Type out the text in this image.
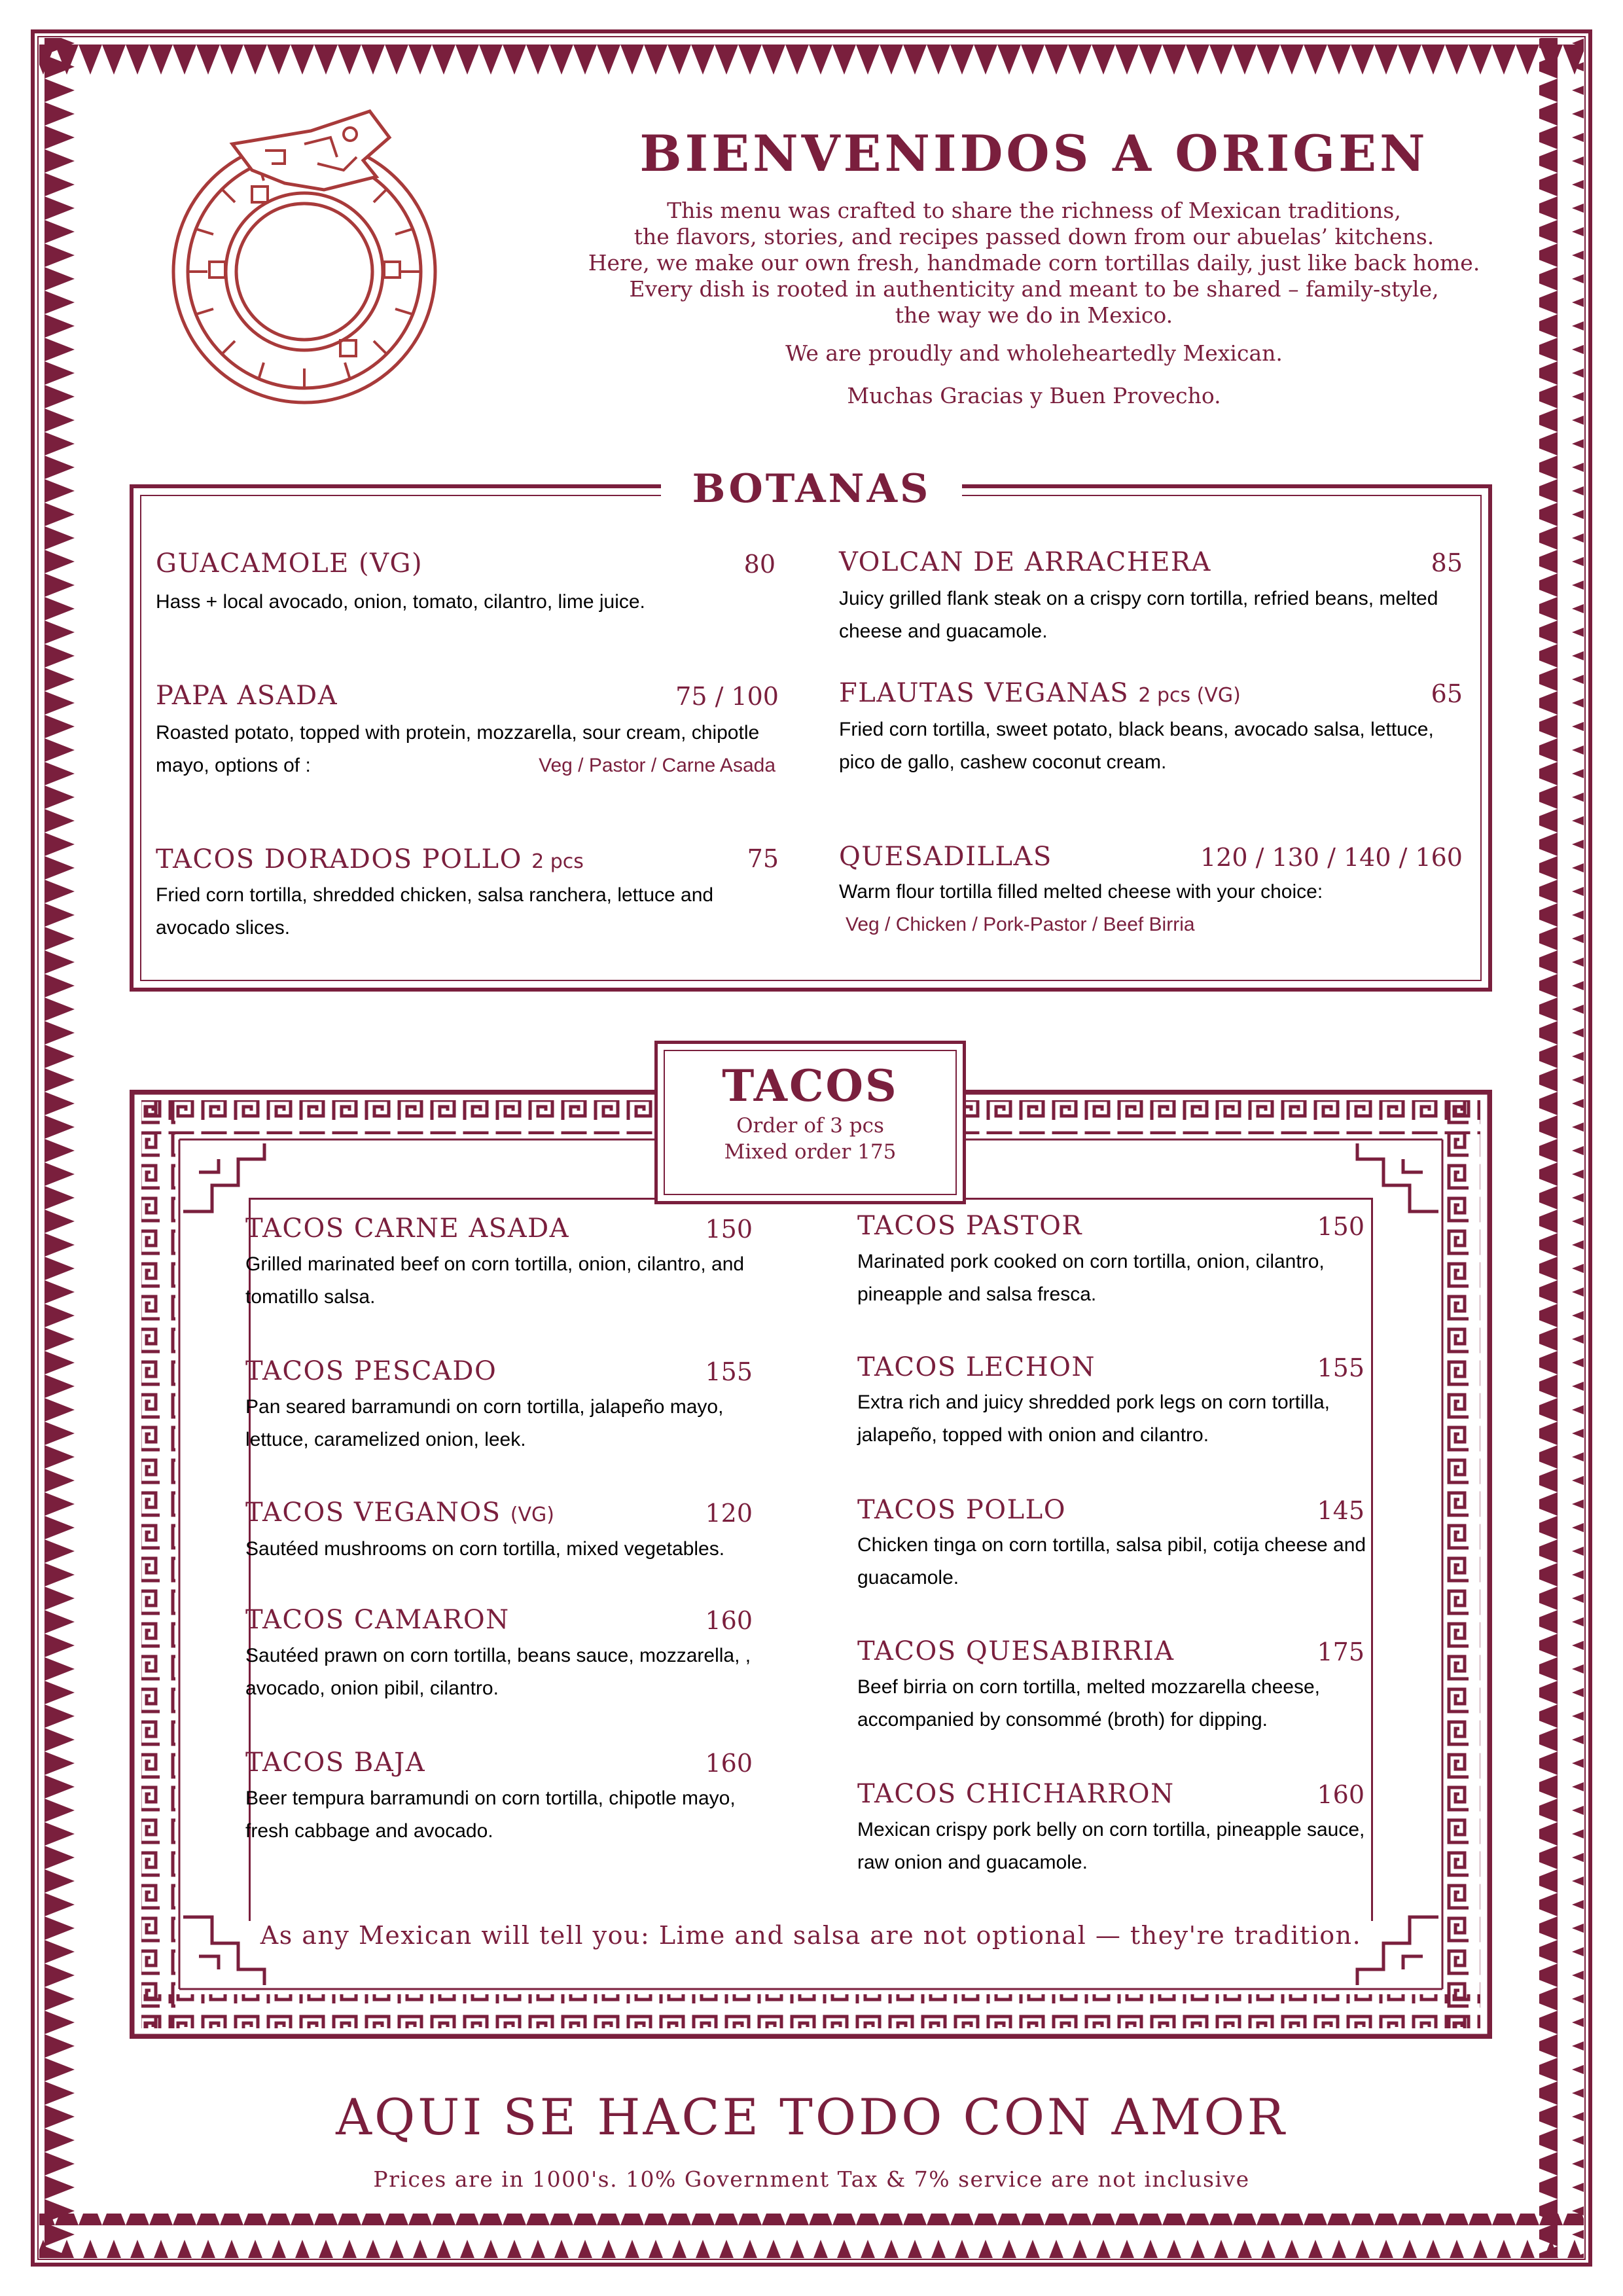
BIENVENIDOS A ORIGEN
This menu was crafted to share the richness of Mexican traditions,
the flavors, stories, and recipes passed down from our abuelas’ kitchens.
Here, we make our own fresh, handmade corn tortillas daily, just like back home.
Every dish is rooted in authenticity and meant to be shared – family-style,
the way we do in Mexico.
We are proudly and wholeheartedly Mexican.
Muchas Gracias y Buen Provecho.
BOTANAS
GUACAMOLE (VG)	80
Hass + local avocado, onion, tomato, cilantro, lime juice.
VOLCAN DE ARRACHERA	85
Juicy grilled flank steak on a crispy corn tortilla, refried beans, melted cheese and guacamole.
PAPA ASADA	75 / 100
Roasted potato, topped with protein, mozzarella, sour cream, chipotle mayo, options of :	Veg / Pastor / Carne Asada
FLAUTAS VEGANAS 2 pcs (VG)	65
Fried corn tortilla, sweet potato, black beans, avocado salsa, lettuce, pico de gallo, cashew coconut cream.
TACOS DORADOS POLLO 2 pcs	75
Fried corn tortilla, shredded chicken, salsa ranchera, lettuce and avocado slices.
QUESADILLAS	120 / 130 / 140 / 160
Warm flour tortilla filled melted cheese with your choice:
Veg / Chicken / Pork-Pastor / Beef Birria
TACOS
Order of 3 pcs
Mixed order 175
TACOS CARNE ASADA	150
Grilled marinated beef on corn tortilla, onion, cilantro, and tomatillo salsa.
TACOS PESCADO	155
Pan seared barramundi on corn tortilla, jalapeño mayo, lettuce, caramelized onion, leek.
TACOS VEGANOS (VG)	120
Sautéed mushrooms on corn tortilla, mixed vegetables.
TACOS CAMARON	160
Sautéed prawn on corn tortilla, beans sauce, mozzarella, , avocado, onion pibil, cilantro.
TACOS BAJA	160
Beer tempura barramundi on corn tortilla, chipotle mayo, fresh cabbage and avocado.
TACOS PASTOR	150
Marinated pork cooked on corn tortilla, onion, cilantro, pineapple and salsa fresca.
TACOS LECHON	155
Extra rich and juicy shredded pork legs on corn tortilla, jalapeño, topped with onion and cilantro.
TACOS POLLO	145
Chicken tinga on corn tortilla, salsa pibil, cotija cheese and guacamole.
TACOS QUESABIRRIA	175
Beef birria on corn tortilla, melted mozzarella cheese, accompanied by consommé (broth) for dipping.
TACOS CHICHARRON	160
Mexican crispy pork belly on corn tortilla, pineapple sauce, raw onion and guacamole.
As any Mexican will tell you: Lime and salsa are not optional — they're tradition.
AQUI SE HACE TODO CON AMOR
Prices are in 1000's. 10% Government Tax & 7% service are not inclusive
